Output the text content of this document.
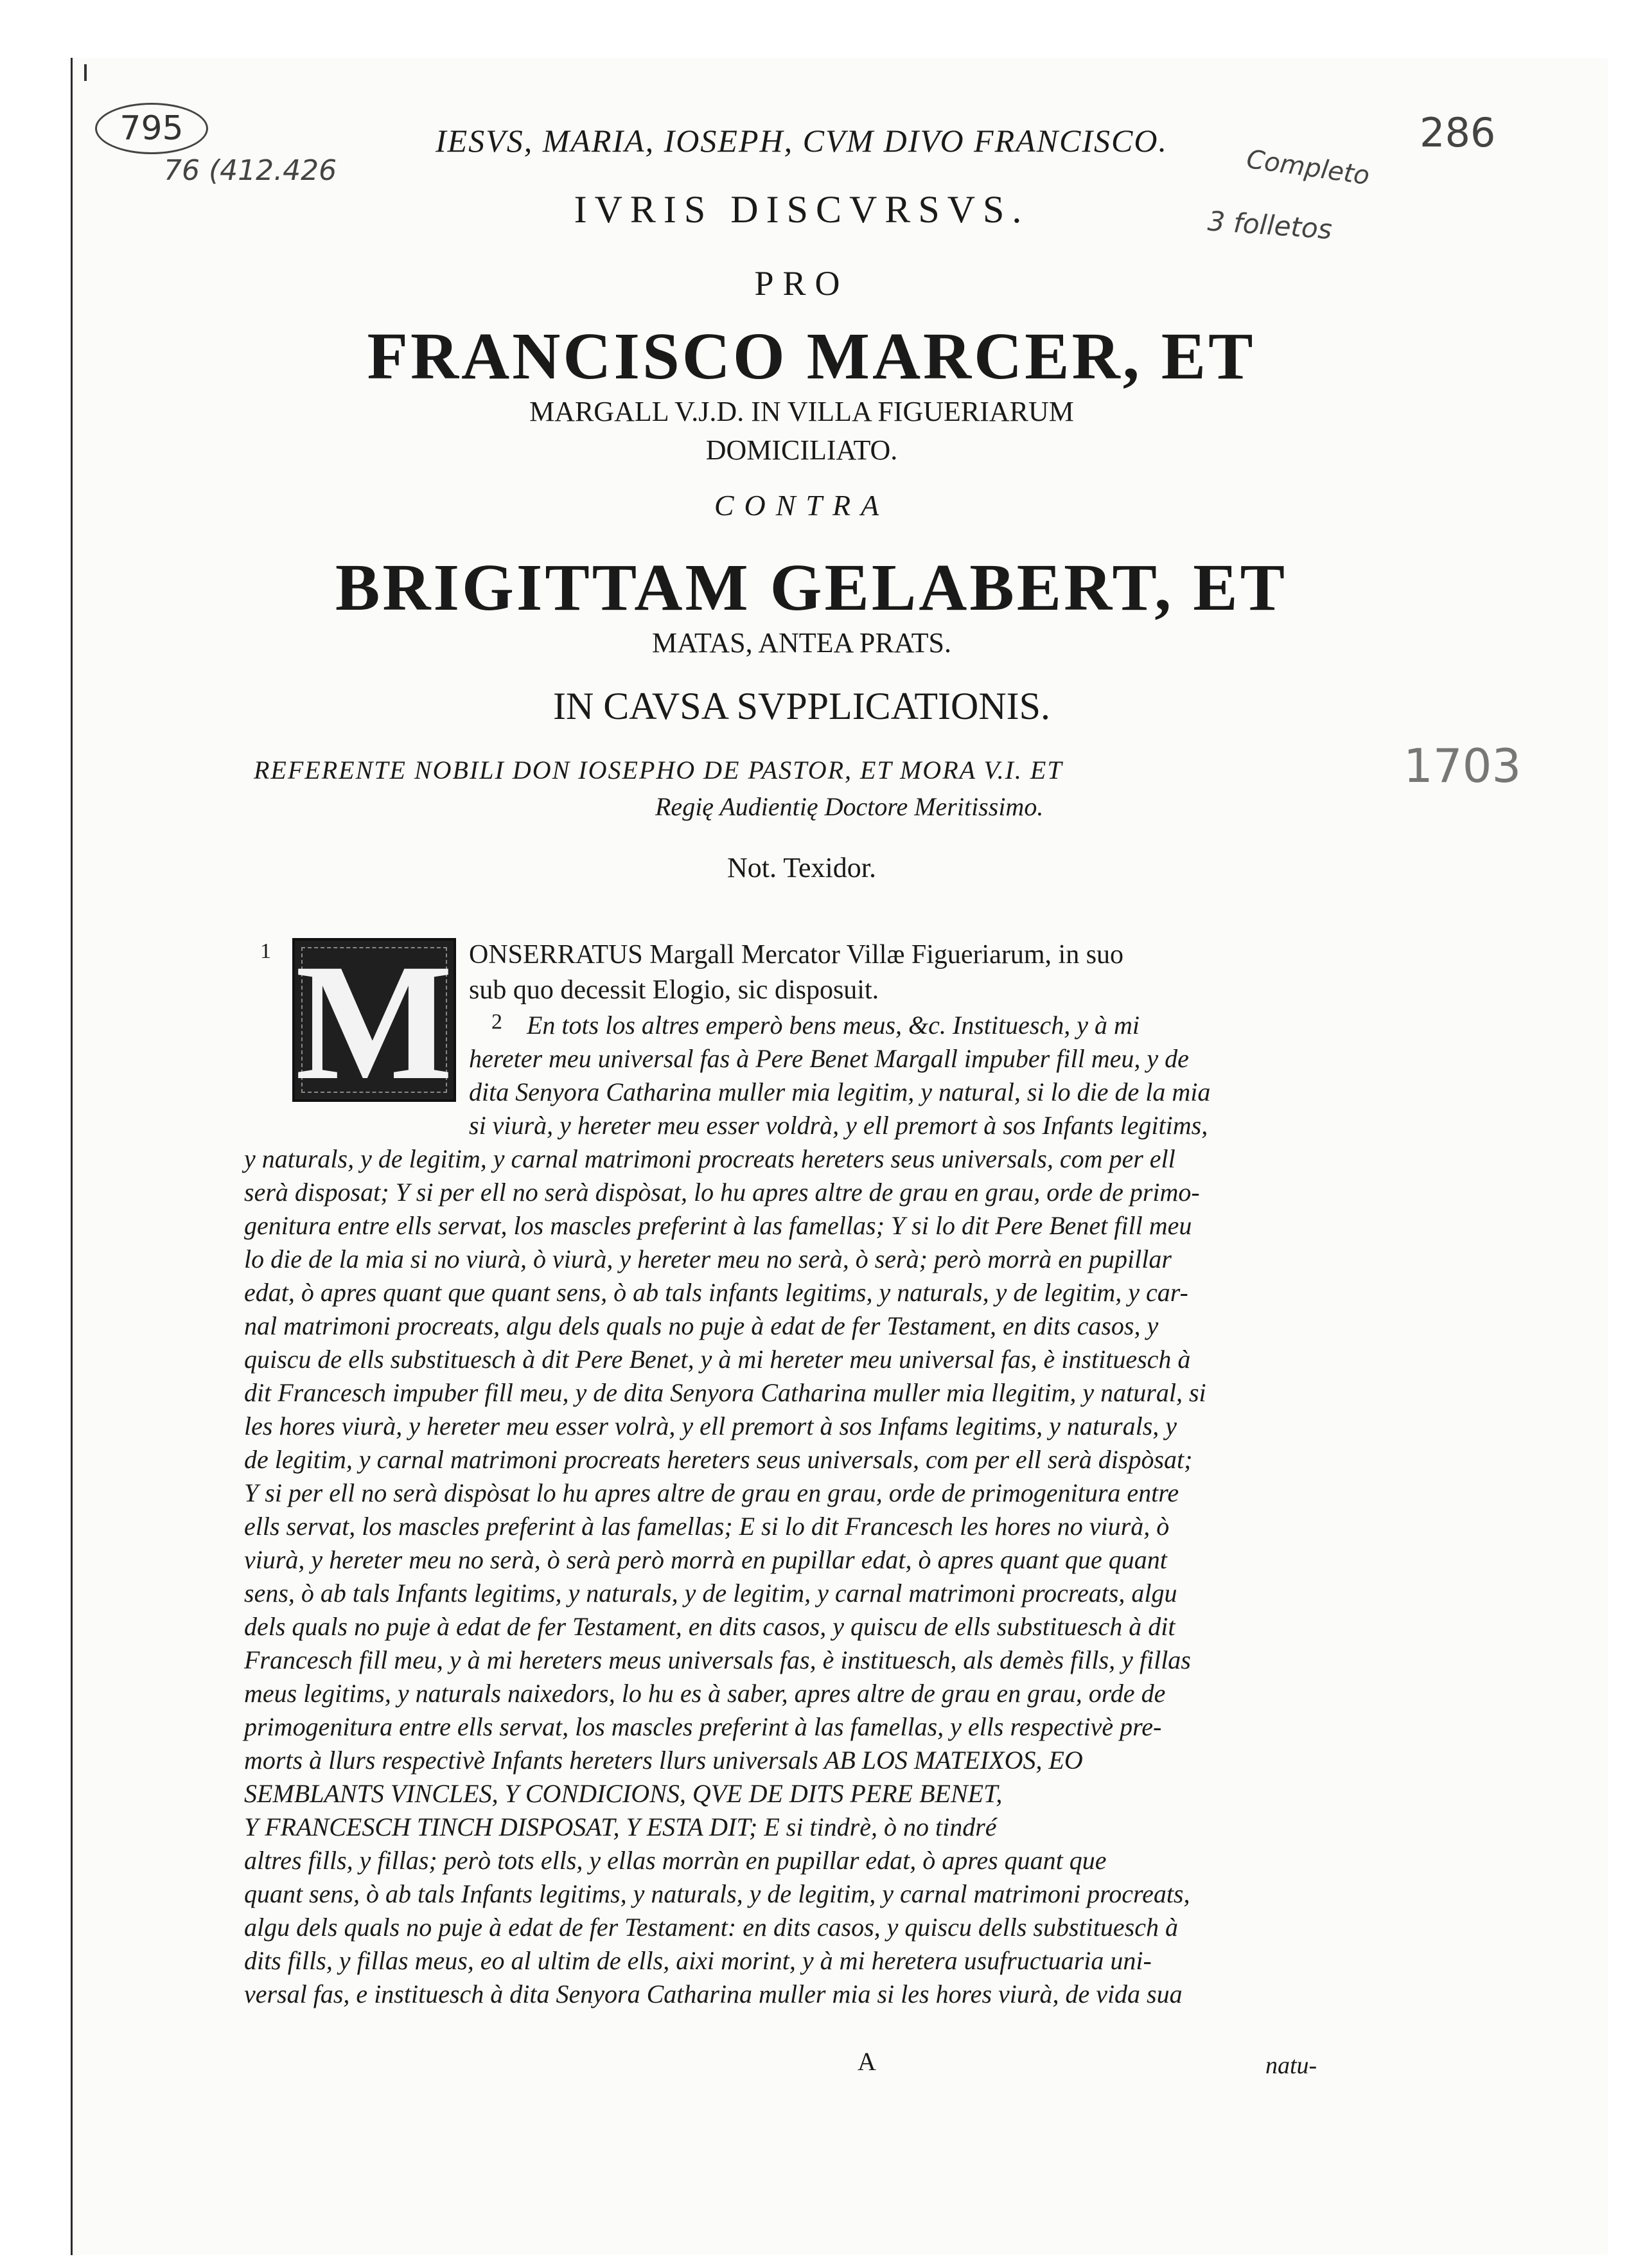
795
76 (412.426
286
Completo
3 folletos
1703
IESVS, MARIA, IOSEPH, CVM DIVO FRANCISCO.
IVRIS DISCVRSVS.
PRO
FRANCISCO MARCER, ET
MARGALL V.J.D. IN VILLA FIGUERIARUM
DOMICILIATO.
CONTRA
BRIGITTAM GELABERT, ET
MATAS, ANTEA PRATS.
IN CAVSA SVPPLICATIONIS.
REFERENTE NOBILI DON IOSEPHO DE PASTOR, ET MORA V.I. ET
Regię Audientię Doctore Meritissimo.
Not. Texidor.
1
2
M ONSERRATUS Margall Mercator Villæ Figueriarum, in suo
sub quo decessit Elogio, sic disposuit.
En tots los altres emperò bens meus, &c. Instituesch, y à mi
hereter meu universal fas à Pere Benet Margall impuber fill meu, y de
dita Senyora Catharina muller mia legitim, y natural, si lo die de la mia
si viurà, y hereter meu esser voldrà, y ell premort à sos Infants legitims,
y naturals, y de legitim, y carnal matrimoni procreats hereters seus universals, com per ell
serà disposat; Y si per ell no serà dispòsat, lo hu apres altre de grau en grau, orde de primo-
genitura entre ells servat, los mascles preferint à las famellas; Y si lo dit Pere Benet fill meu
lo die de la mia si no viurà, ò viurà, y hereter meu no serà, ò serà; però morrà en pupillar
edat, ò apres quant que quant sens, ò ab tals infants legitims, y naturals, y de legitim, y car-
nal matrimoni procreats, algu dels quals no puje à edat de fer Testament, en dits casos, y
quiscu de ells substituesch à dit Pere Benet, y à mi hereter meu universal fas, è instituesch à
dit Francesch impuber fill meu, y de dita Senyora Catharina muller mia llegitim, y natural, si
les hores viurà, y hereter meu esser volrà, y ell premort à sos Infams legitims, y naturals, y
de legitim, y carnal matrimoni procreats hereters seus universals, com per ell serà dispòsat;
Y si per ell no serà dispòsat lo hu apres altre de grau en grau, orde de primogenitura entre
ells servat, los mascles preferint à las famellas; E si lo dit Francesch les hores no viurà, ò
viurà, y hereter meu no serà, ò serà però morrà en pupillar edat, ò apres quant que quant
sens, ò ab tals Infants legitims, y naturals, y de legitim, y carnal matrimoni procreats, algu
dels quals no puje à edat de fer Testament, en dits casos, y quiscu de ells substituesch à dit
Francesch fill meu, y à mi hereters meus universals fas, è instituesch, als demès fills, y fillas
meus legitims, y naturals naixedors, lo hu es à saber, apres altre de grau en grau, orde de
primogenitura entre ells servat, los mascles preferint à las famellas, y ells respectivè pre-
morts à llurs respectivè Infants hereters llurs universals AB LOS MATEIXOS, EO
SEMBLANTS VINCLES, Y CONDICIONS, QVE DE DITS PERE BENET,
Y FRANCESCH TINCH DISPOSAT, Y ESTA DIT; E si tindrè, ò no tindré
altres fills, y fillas; però tots ells, y ellas morràn en pupillar edat, ò apres quant que
quant sens, ò ab tals Infants legitims, y naturals, y de legitim, y carnal matrimoni procreats,
algu dels quals no puje à edat de fer Testament: en dits casos, y quiscu dells substituesch à
dits fills, y fillas meus, eo al ultim de ells, aixi morint, y à mi hereterа usufructuaria uni-
versal fas, e instituesch à dita Senyora Catharina muller mia si les hores viurà, de vida sua
A	natu-
